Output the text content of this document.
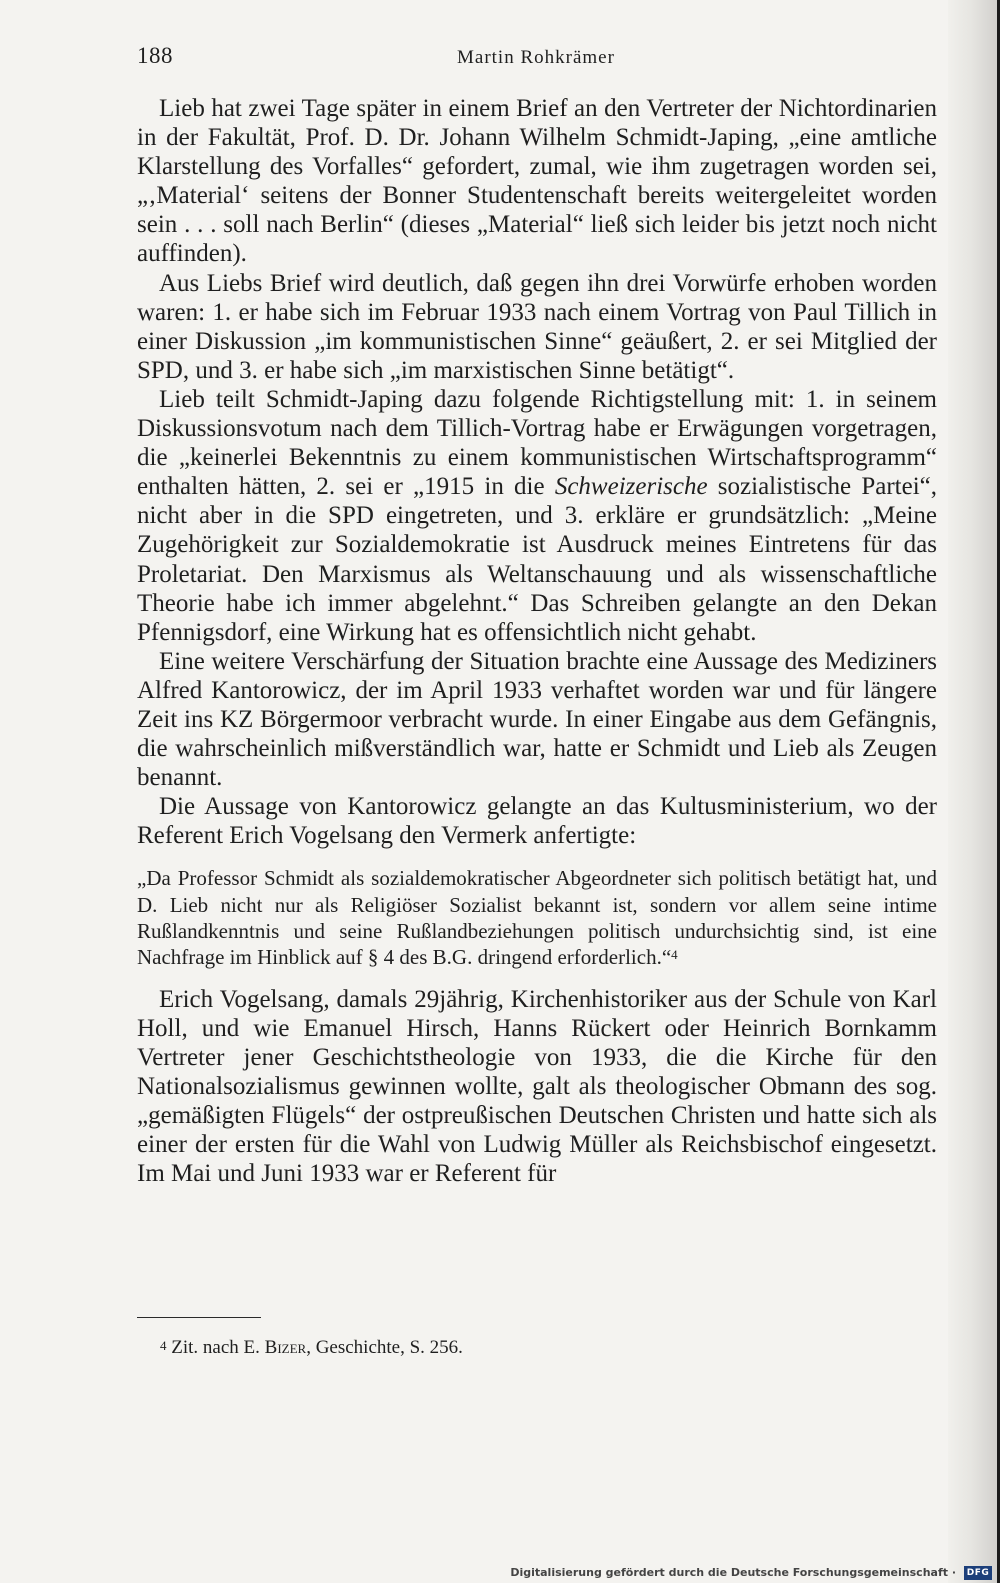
188	Martin Rohkrämer

Lieb hat zwei Tage später in einem Brief an den Vertreter der Nichtordinarien in der Fakultät, Prof. D. Dr. Johann Wilhelm Schmidt-Japing, „eine amtliche Klarstellung des Vorfalles“ gefordert, zumal, wie ihm zugetragen worden sei, „‚Material‘ seitens der Bonner Studentenschaft bereits weitergeleitet worden sein . . . soll nach Berlin“ (dieses „Material“ ließ sich leider bis jetzt noch nicht auffinden).

Aus Liebs Brief wird deutlich, daß gegen ihn drei Vorwürfe erhoben worden waren: 1. er habe sich im Februar 1933 nach einem Vortrag von Paul Tillich in einer Diskussion „im kommunistischen Sinne“ geäußert, 2. er sei Mitglied der SPD, und 3. er habe sich „im marxistischen Sinne betätigt“.

Lieb teilt Schmidt-Japing dazu folgende Richtigstellung mit: 1. in seinem Diskussionsvotum nach dem Tillich-Vortrag habe er Erwägungen vorgetragen, die „keinerlei Bekenntnis zu einem kommunistischen Wirtschaftsprogramm“ enthalten hätten, 2. sei er „1915 in die Schweizerische sozialistische Partei“, nicht aber in die SPD eingetreten, und 3. erkläre er grundsätzlich: „Meine Zugehörigkeit zur Sozialdemokratie ist Ausdruck meines Eintretens für das Proletariat. Den Marxismus als Weltanschauung und als wissenschaftliche Theorie habe ich immer abgelehnt.“ Das Schreiben gelangte an den Dekan Pfennigsdorf, eine Wirkung hat es offensichtlich nicht gehabt.

Eine weitere Verschärfung der Situation brachte eine Aussage des Mediziners Alfred Kantorowicz, der im April 1933 verhaftet worden war und für längere Zeit ins KZ Börgermoor verbracht wurde. In einer Eingabe aus dem Gefängnis, die wahrscheinlich mißverständlich war, hatte er Schmidt und Lieb als Zeugen benannt.

Die Aussage von Kantorowicz gelangte an das Kultusministerium, wo der Referent Erich Vogelsang den Vermerk anfertigte:

„Da Professor Schmidt als sozialdemokratischer Abgeordneter sich politisch betätigt hat, und D. Lieb nicht nur als Religiöser Sozialist bekannt ist, sondern vor allem seine intime Rußlandkenntnis und seine Rußlandbeziehungen politisch undurchsichtig sind, ist eine Nachfrage im Hinblick auf § 4 des B.G. dringend erforderlich.“$^4$

Erich Vogelsang, damals 29jährig, Kirchenhistoriker aus der Schule von Karl Holl, und wie Emanuel Hirsch, Hanns Rückert oder Heinrich Bornkamm Vertreter jener Geschichtstheologie von 1933, die die Kirche für den Nationalsozialismus gewinnen wollte, galt als theologischer Obmann des sog. „gemäßigten Flügels“ der ostpreußischen Deutschen Christen und hatte sich als einer der ersten für die Wahl von Ludwig Müller als Reichsbischof eingesetzt. Im Mai und Juni 1933 war er Referent für

$^4$ Zit. nach E. Bizer, Geschichte, S. 256.
Digitalisierung gefördert durch die Deutsche Forschungsgemeinschaft ·	DFG
